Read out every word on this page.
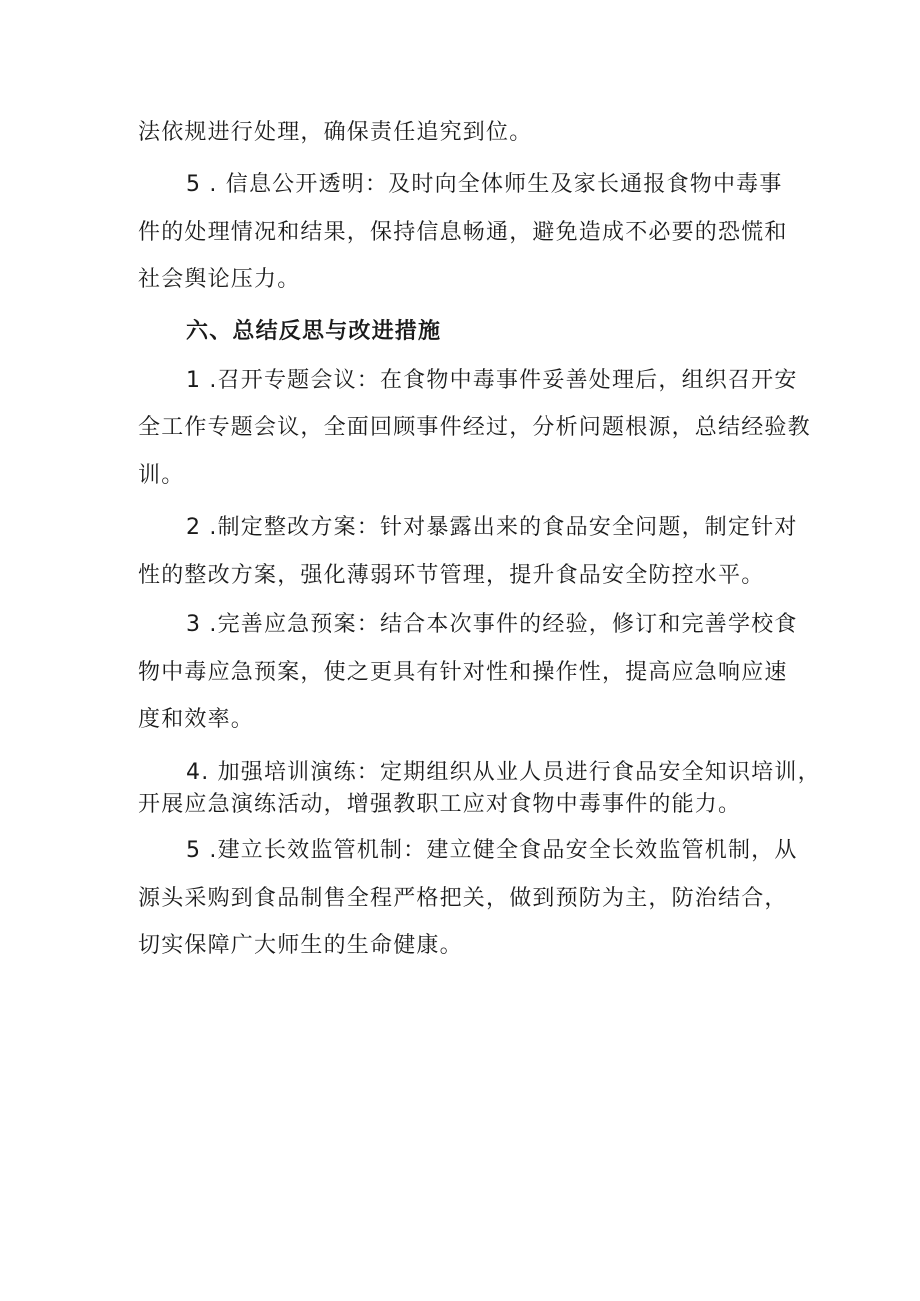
法依规进行处理，确保责任追究到位。
5 . 信息公开透明：及时向全体师生及家长通报食物中毒事
件的处理情况和结果，保持信息畅通，避免造成不必要的恐慌和
社会舆论压力。
六、总结反思与改进措施
1 .召开专题会议：在食物中毒事件妥善处理后，组织召开安
全工作专题会议，全面回顾事件经过，分析问题根源，总结经验教
训。
2 .制定整改方案：针对暴露出来的食品安全问题，制定针对
性的整改方案，强化薄弱环节管理，提升食品安全防控水平。
3 .完善应急预案：结合本次事件的经验，修订和完善学校食
物中毒应急预案，使之更具有针对性和操作性，提高应急响应速
度和效率。
4. 加强培训演练：定期组织从业人员进行食品安全知识培训，
开展应急演练活动，增强教职工应对食物中毒事件的能力。
5 .建立长效监管机制：建立健全食品安全长效监管机制，从
源头采购到食品制售全程严格把关，做到预防为主，防治结合，
切实保障广大师生的生命健康。
